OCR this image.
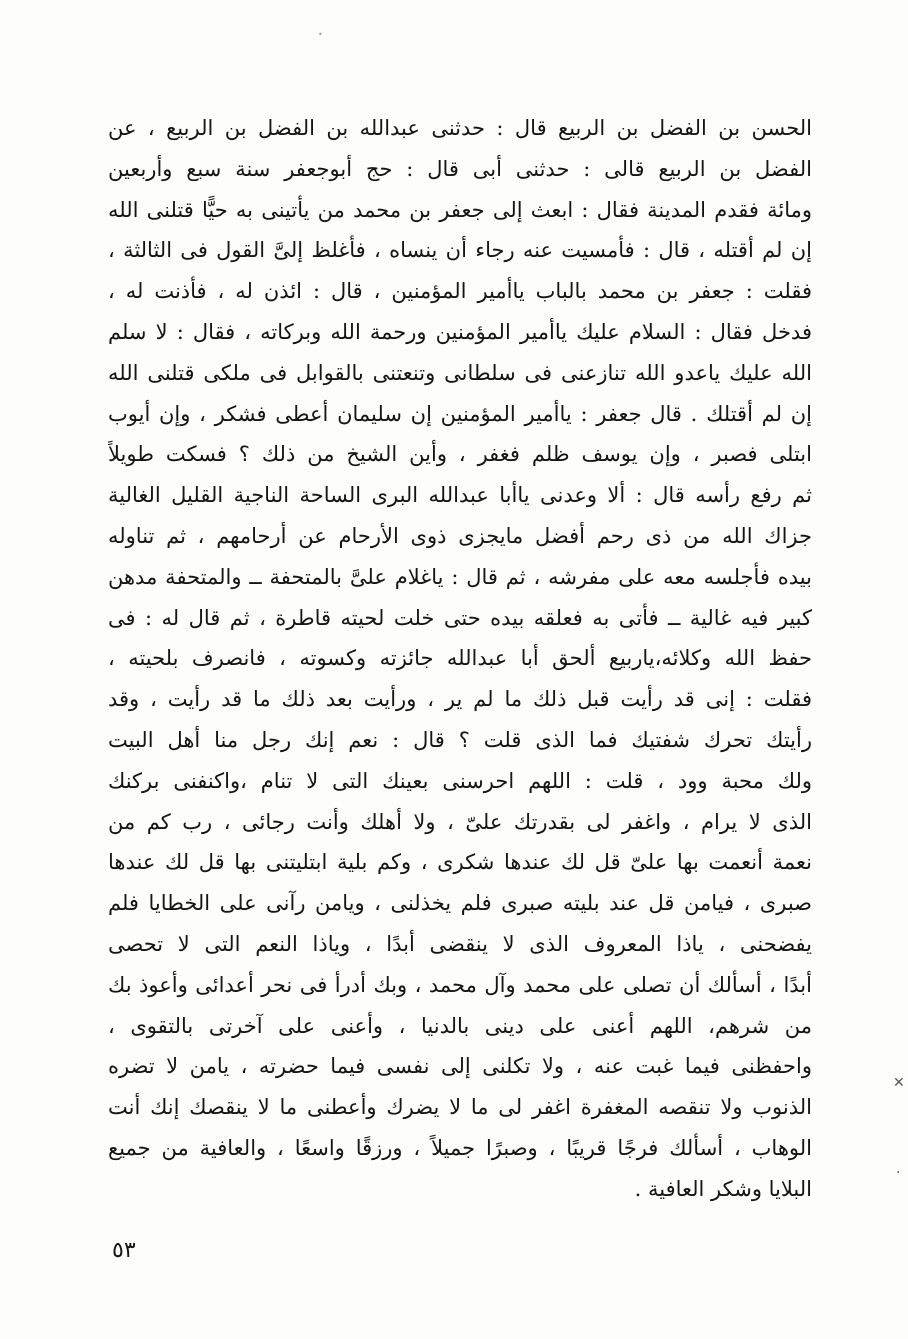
الحسن بن الفضل بن الربيع قال : حدثنى عبدالله بن الفضل بن الربيع ، عن
الفضل بن الربيع قالى : حدثنى أبى قال : حج أبوجعفر سنة سبع وأربعين
ومائة فقدم المدينة فقال : ابعث إلى جعفر بن محمد من يأتينى به حيًّا قتلنى الله
إن لم أقتله ، قال : فأمسيت عنه رجاء أن ينساه ، فأغلظ إلىَّ القول فى الثالثة ،
فقلت : جعفر بن محمد بالباب ياأمير المؤمنين ، قال : ائذن له ، فأذنت له ،
فدخل فقال : السلام عليك ياأمير المؤمنين ورحمة الله وبركاته ، فقال : لا سلم
الله عليك ياعدو الله تنازعنى فى سلطانى وتنعتنى بالقوابل فى ملكى قتلنى الله
إن لم أقتلك . قال جعفر : ياأمير المؤمنين إن سليمان أعطى فشكر ، وإن أيوب
ابتلى فصبر ، وإن يوسف ظلم فغفر ، وأين الشيخ من ذلك ؟ فسكت طويلاً
ثم رفع رأسه قال : ألا وعدنى ياأبا عبدالله البرى الساحة الناجية القليل الغالية
جزاك الله من ذى رحم أفضل مايجزى ذوى الأرحام عن أرحامهم ، ثم تناوله
بيده فأجلسه معه على مفرشه ، ثم قال : ياغلام علىَّ بالمتحفة ــ والمتحفة مدهن
كبير فيه غالية ــ فأتى به فعلقه بيده حتى خلت لحيته قاطرة ، ثم قال له : فى
حفظ الله وكلائه،ياربيع ألحق أبا عبدالله جائزته وكسوته ، فانصرف بلحيته ،
فقلت : إنى قد رأيت قبل ذلك ما لم ير ، ورأيت بعد ذلك ما قد رأيت ، وقد
رأيتك تحرك شفتيك فما الذى قلت ؟ قال : نعم إنك رجل منا أهل البيت
ولك محبة وود ، قلت : اللهم احرسنى بعينك التى لا تنام ،واكنفنى بركنك
الذى لا يرام ، واغفر لى بقدرتك علىّ ، ولا أهلك وأنت رجائى ، رب كم من
نعمة أنعمت بها علىّ قل لك عندها شكرى ، وكم بلية ابتليتنى بها قل لك عندها
صبرى ، فيامن قل عند بليته صبرى فلم يخذلنى ، ويامن رآنى على الخطايا فلم
يفضحنى ، ياذا المعروف الذى لا ينقضى أبدًا ، وياذا النعم التى لا تحصى
أبدًا ، أسألك أن تصلى على محمد وآل محمد ، وبك أدرأ فى نحر أعدائى وأعوذ بك
من شرهم، اللهم أعنى على دينى بالدنيا ، وأعنى على آخرتى بالتقوى ،
واحفظنى فيما غبت عنه ، ولا تكلنى إلى نفسى فيما حضرته ، يامن لا تضره
الذنوب ولا تنقصه المغفرة اغفر لى ما لا يضرك وأعطنى ما لا ينقصك إنك أنت
الوهاب ، أسألك فرجًا قريبًا ، وصبرًا جميلاً ، ورزقًا واسعًا ، والعافية من جميع
البلايا وشكر العافية .
٥٣
✕
·
•
